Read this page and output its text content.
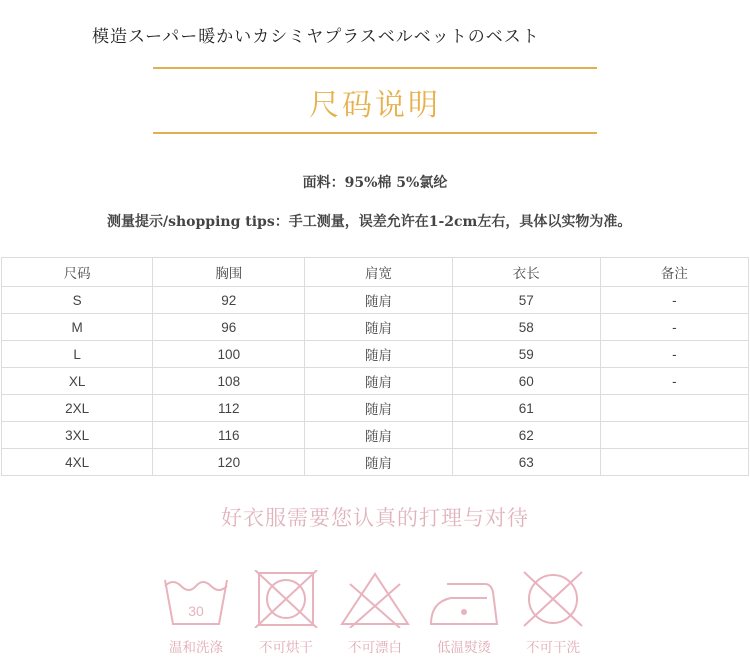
模造スーパー暖かいカシミヤプラスベルベットのベスト
尺码说明
面料：95%棉 5%氯纶
测量提示/shopping tips：手工测量，误差允许在1-2cm左右，具体以实物为准。
尺码	胸围	肩宽	衣长	备注
S	92	随肩	57	-
M	96	随肩	58	-
L	100	随肩	59	-
XL	108	随肩	60	-
2XL	112	随肩	61	
3XL	116	随肩	62	
4XL	120	随肩	63	
好衣服需要您认真的打理与对待
30
温和洗涤	不可烘干	不可漂白	低温熨烫	不可干洗
